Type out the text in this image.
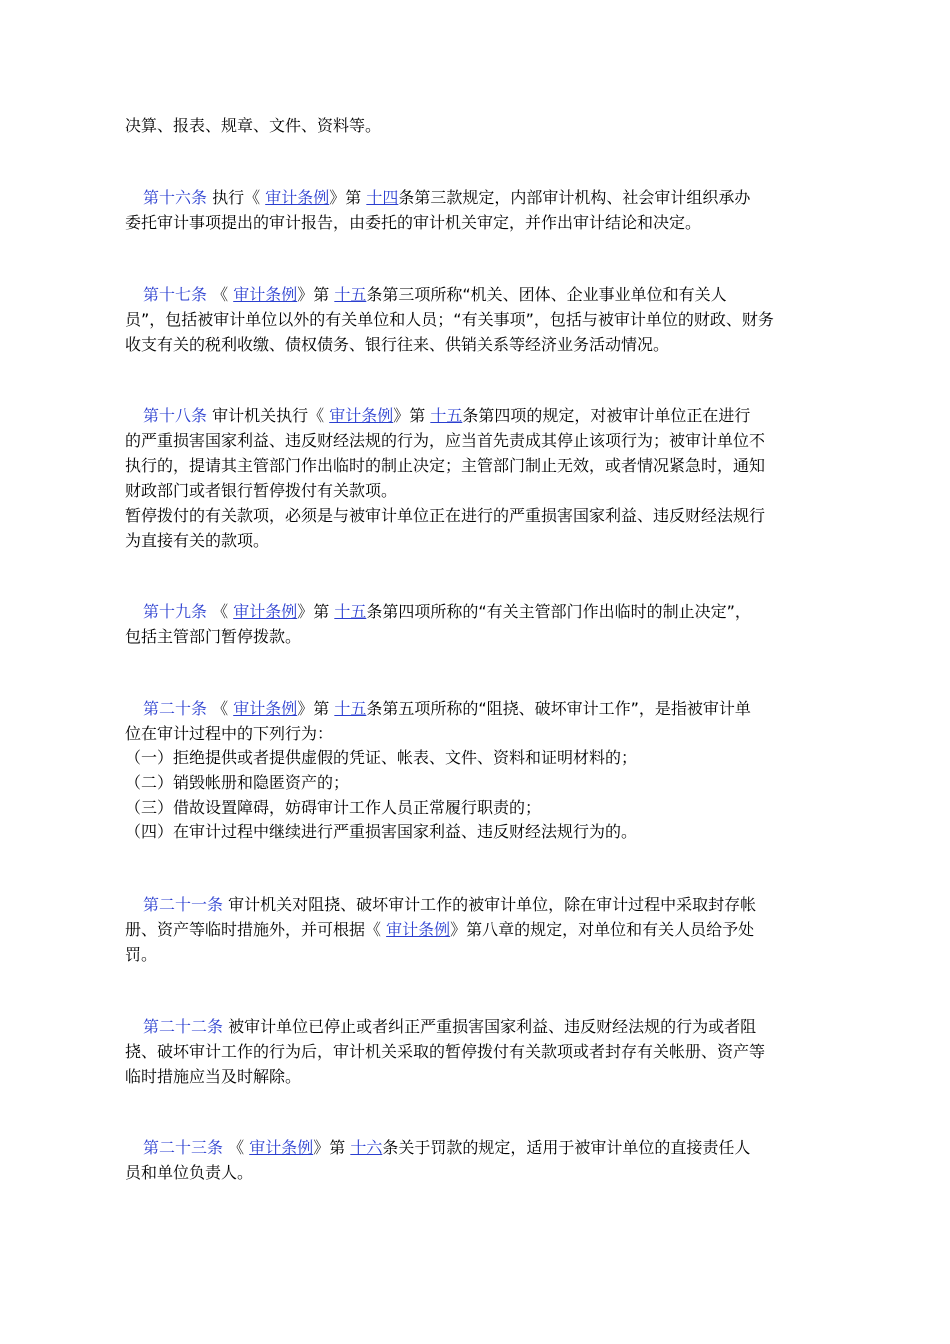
决算、报表、规章、文件、资料等。
第十六条 执行《 审计条例》第 十四条第三款规定，内部审计机构、社会审计组织承办
委托审计事项提出的审计报告，由委托的审计机关审定，并作出审计结论和决定。
第十七条 《 审计条例》第 十五条第三项所称“机关、团体、企业事业单位和有关人
员”，包括被审计单位以外的有关单位和人员；“有关事项”，包括与被审计单位的财政、财务
收支有关的税利收缴、债权债务、银行往来、供销关系等经济业务活动情况。
第十八条 审计机关执行《 审计条例》第 十五条第四项的规定，对被审计单位正在进行
的严重损害国家利益、违反财经法规的行为，应当首先责成其停止该项行为；被审计单位不
执行的，提请其主管部门作出临时的制止决定；主管部门制止无效，或者情况紧急时，通知
财政部门或者银行暂停拨付有关款项。
暂停拨付的有关款项，必须是与被审计单位正在进行的严重损害国家利益、违反财经法规行
为直接有关的款项。
第十九条 《 审计条例》第 十五条第四项所称的“有关主管部门作出临时的制止决定”，
包括主管部门暂停拨款。
第二十条 《 审计条例》第 十五条第五项所称的“阻挠、破坏审计工作”，是指被审计单
位在审计过程中的下列行为：
（一）拒绝提供或者提供虚假的凭证、帐表、文件、资料和证明材料的；
（二）销毁帐册和隐匿资产的；
（三）借故设置障碍，妨碍审计工作人员正常履行职责的；
（四）在审计过程中继续进行严重损害国家利益、违反财经法规行为的。
第二十一条 审计机关对阻挠、破坏审计工作的被审计单位，除在审计过程中采取封存帐
册、资产等临时措施外，并可根据《 审计条例》第八章的规定，对单位和有关人员给予处
罚。
第二十二条 被审计单位已停止或者纠正严重损害国家利益、违反财经法规的行为或者阻
挠、破坏审计工作的行为后，审计机关采取的暂停拨付有关款项或者封存有关帐册、资产等
临时措施应当及时解除。
第二十三条 《 审计条例》第 十六条关于罚款的规定，适用于被审计单位的直接责任人
员和单位负责人。
